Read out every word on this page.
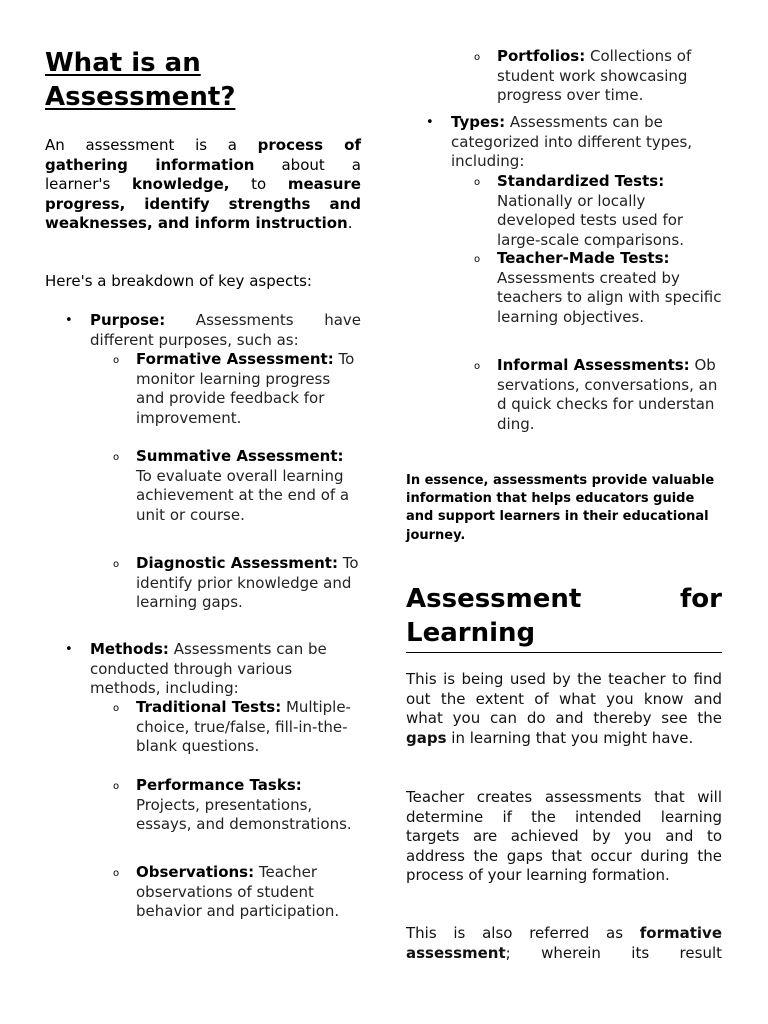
What is an Assessment?

An assessment is a process of gathering information about a learner's knowledge, to measure progress, identify strengths and weaknesses, and inform instruction.

Here's a breakdown of key aspects:

• Purpose: Assessments have different purposes, such as:

o Formative Assessment: To monitor learning progress and provide feedback for improvement.

o Summative Assessment: To evaluate overall learning achievement at the end of a unit or course.

o Diagnostic Assessment: To identify prior knowledge and learning gaps.

• Methods: Assessments can be conducted through various methods, including:

o Traditional Tests: Multiple-choice, true/false, fill-in-the-blank questions.

o Performance Tasks: Projects, presentations, essays, and demonstrations.

o Observations: Teacher observations of student behavior and participation.

o Portfolios: Collections of student work showcasing progress over time.

• Types: Assessments can be categorized into different types, including:

o Standardized Tests: Nationally or locally developed tests used for large-scale comparisons.

o Teacher-Made Tests: Assessments created by teachers to align with specific learning objectives.

o Informal Assessments: Observations, conversations, and quick checks for understanding.

In essence, assessments provide valuable information that helps educators guide and support learners in their educational journey.

Assessment	for
Learning

This is being used by the teacher to find out the extent of what you know and what you can do and thereby see the gaps in learning that you might have.

Teacher creates assessments that will determine if the intended learning targets are achieved by you and to address the gaps that occur during the process of your learning formation.

This is also referred as formative assessment; wherein its result
